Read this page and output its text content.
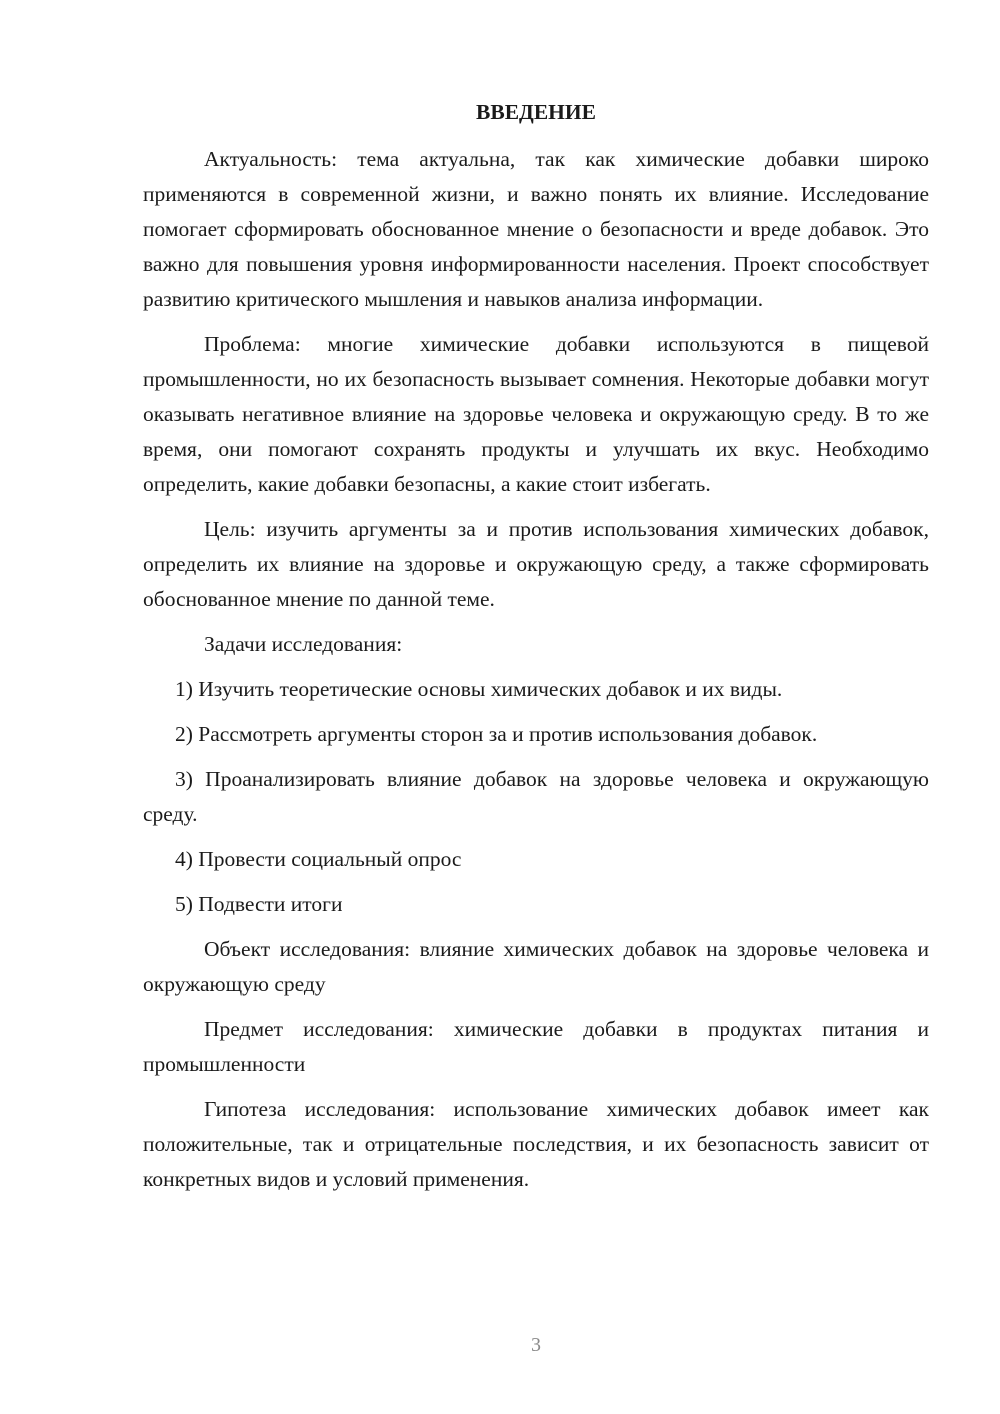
ВВЕДЕНИЕ

Актуальность: тема актуальна, так как химические добавки широко применяются в современной жизни, и важно понять их влияние. Исследование помогает сформировать обоснованное мнение о безопасности и вреде добавок. Это важно для повышения уровня информированности населения. Проект способствует развитию критического мышления и навыков анализа информации.

Проблема: многие химические добавки используются в пищевой промышленности, но их безопасность вызывает сомнения. Некоторые добавки могут оказывать негативное влияние на здоровье человека и окружающую среду. В то же время, они помогают сохранять продукты и улучшать их вкус. Необходимо определить, какие добавки безопасны, а какие стоит избегать.

Цель: изучить аргументы за и против использования химических добавок, определить их влияние на здоровье и окружающую среду, а также сформировать обоснованное мнение по данной теме.

Задачи исследования:

1) Изучить теоретические основы химических добавок и их виды.

2) Рассмотреть аргументы сторон за и против использования добавок.

3) Проанализировать влияние добавок на здоровье человека и окружающую среду.

4) Провести социальный опрос

5) Подвести итоги

Объект исследования: влияние химических добавок на здоровье человека и окружающую среду

Предмет исследования: химические добавки в продуктах питания и промышленности

Гипотеза исследования: использование химических добавок имеет как положительные, так и отрицательные последствия, и их безопасность зависит от конкретных видов и условий применения.

3
